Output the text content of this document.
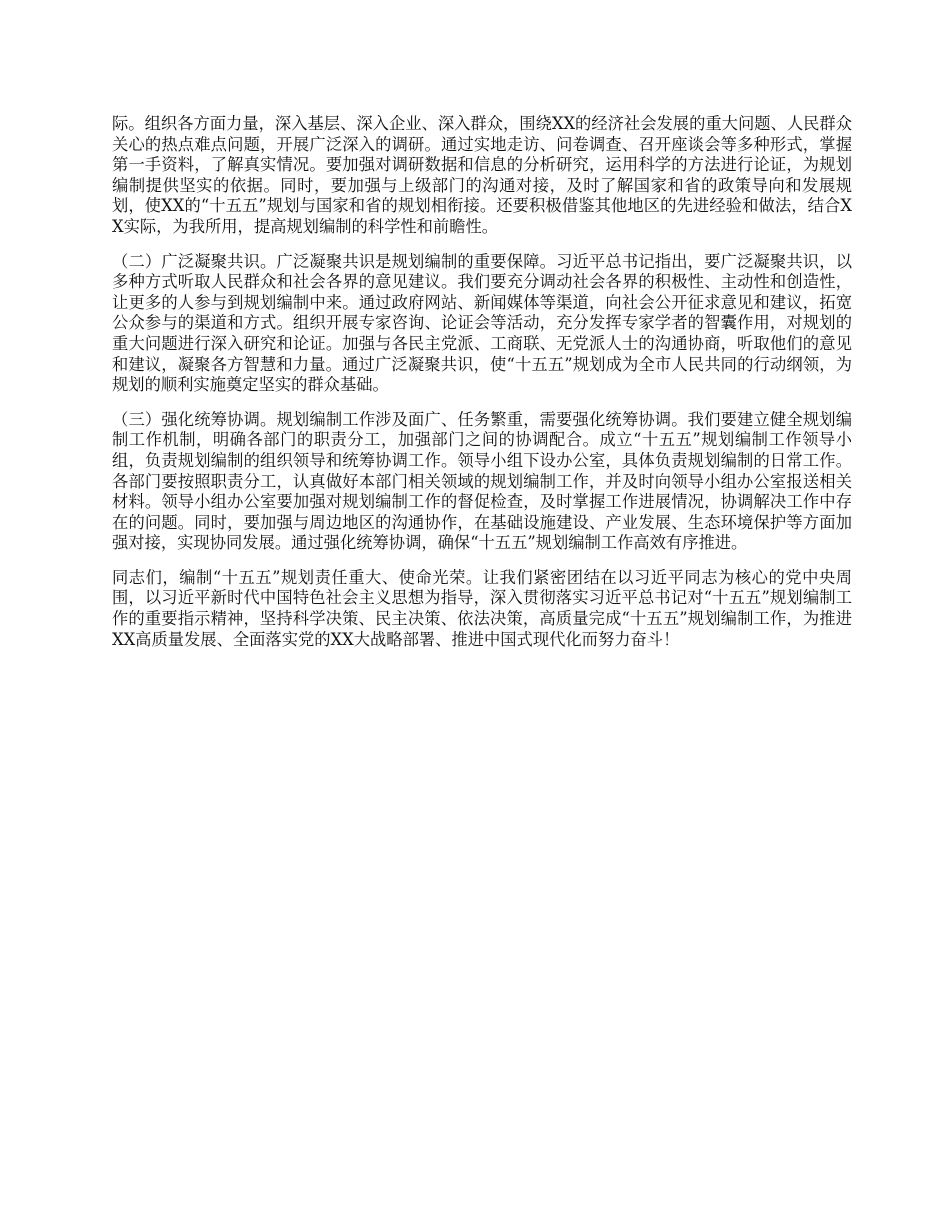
际。组织各方面力量，深入基层、深入企业、深入群众，围绕XX的经济社会发展的重大问题、人民群众关心的热点难点问题，开展广泛深入的调研。通过实地走访、问卷调查、召开座谈会等多种形式，掌握第一手资料，了解真实情况。要加强对调研数据和信息的分析研究，运用科学的方法进行论证，为规划编制提供坚实的依据。同时，要加强与上级部门的沟通对接，及时了解国家和省的政策导向和发展规划，使XX的“十五五”规划与国家和省的规划相衔接。还要积极借鉴其他地区的先进经验和做法，结合XX实际，为我所用，提高规划编制的科学性和前瞻性。

（二）广泛凝聚共识。广泛凝聚共识是规划编制的重要保障。习近平总书记指出，要广泛凝聚共识，以多种方式听取人民群众和社会各界的意见建议。我们要充分调动社会各界的积极性、主动性和创造性，让更多的人参与到规划编制中来。通过政府网站、新闻媒体等渠道，向社会公开征求意见和建议，拓宽公众参与的渠道和方式。组织开展专家咨询、论证会等活动，充分发挥专家学者的智囊作用，对规划的重大问题进行深入研究和论证。加强与各民主党派、工商联、无党派人士的沟通协商，听取他们的意见和建议，凝聚各方智慧和力量。通过广泛凝聚共识，使“十五五”规划成为全市人民共同的行动纲领，为规划的顺利实施奠定坚实的群众基础。

（三）强化统筹协调。规划编制工作涉及面广、任务繁重，需要强化统筹协调。我们要建立健全规划编制工作机制，明确各部门的职责分工，加强部门之间的协调配合。成立“十五五”规划编制工作领导小组，负责规划编制的组织领导和统筹协调工作。领导小组下设办公室，具体负责规划编制的日常工作。各部门要按照职责分工，认真做好本部门相关领域的规划编制工作，并及时向领导小组办公室报送相关材料。领导小组办公室要加强对规划编制工作的督促检查，及时掌握工作进展情况，协调解决工作中存在的问题。同时，要加强与周边地区的沟通协作，在基础设施建设、产业发展、生态环境保护等方面加强对接，实现协同发展。通过强化统筹协调，确保“十五五”规划编制工作高效有序推进。

同志们，编制“十五五”规划责任重大、使命光荣。让我们紧密团结在以习近平同志为核心的党中央周围，以习近平新时代中国特色社会主义思想为指导，深入贯彻落实习近平总书记对“十五五”规划编制工作的重要指示精神，坚持科学决策、民主决策、依法决策，高质量完成“十五五”规划编制工作，为推进XX高质量发展、全面落实党的XX大战略部署、推进中国式现代化而努力奋斗！
